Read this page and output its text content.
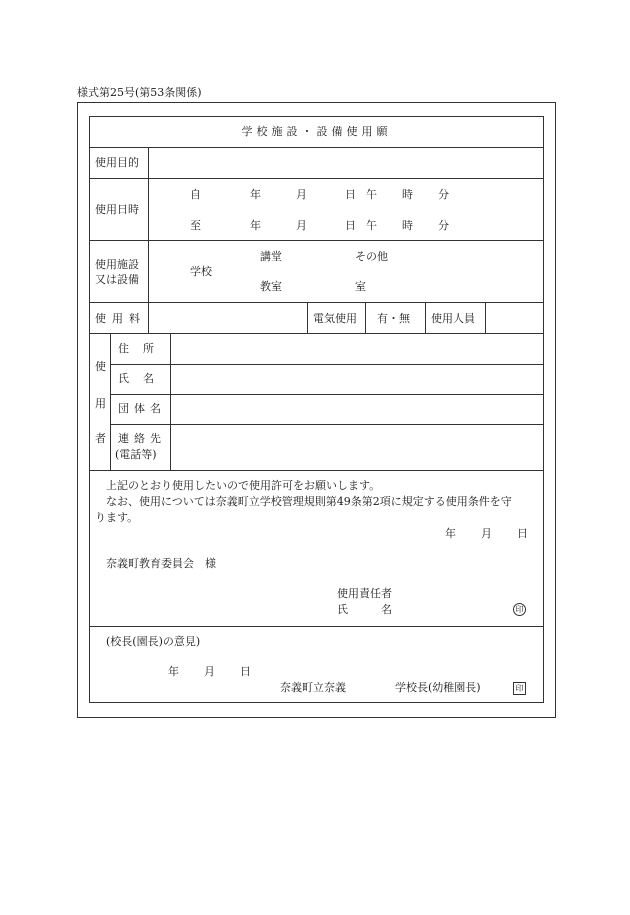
様式第25号(第53条関係)
学校施設・設備使用願
使用目的
使用日時
自	年	月	日 午 時 分
至	年	月	日 午 時 分
使用施設
又は設備
学校
講堂	その他
教室	室
使用料	電気使用 有・無 使用人員
使
用
者
住所
氏名
団体名
連絡先
(電話等)
上記のとおり使用したいので使用許可をお願いします。
なお、使用については奈義町立学校管理規則第49条第2項に規定する使用条件を守
ります。
年 月 日
奈義町教育委員会　様
使用責任者
氏　　　名	印
(校長(園長)の意見)
年 月 日
奈義町立奈義	学校長(幼稚園長)	印
